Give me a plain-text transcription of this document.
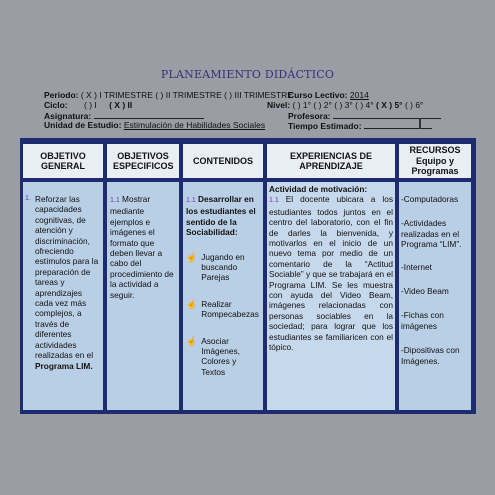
PLANEAMIENTO DIDÁCTICO
Periodo: ( X ) I TRIMESTRE ( ) II TRIMESTRE ( ) III TRIMESTRE
Ciclo: ( ) I ( X ) II
Asignatura:
Unidad de Estudio: Estimulación de Habilidades Sociales
Curso Lectivo: 2014
Nivel: ( ) 1° ( ) 2° ( ) 3° ( ) 4° ( X ) 5° ( ) 6°
Profesora:
Tiempo Estimado:
OBJETIVO GENERAL
OBJETIVOS ESPECIFICOS
CONTENIDOS
EXPERIENCIAS DE APRENDIZAJE
RECURSOS Equipo y Programas
1. Reforzar las capacidades cognitivas, de atención y discriminación, ofreciendo estímulos para la preparación de tareas y aprendizajes cada vez más complejos, a través de diferentes actividades realizadas en el Programa LIM.
1.1 Mostrar mediante ejemplos e imágenes el formato que deben llevar a cabo del procedimiento de la actividad a seguir.
1.1 Desarrollar en los estudiantes el sentido de la Sociabilidad:
☝ Jugando en buscando Parejas
☝ Realizar Rompecabezas
☝ Asociar Imágenes, Colores y Textos
Actividad de motivación:
1.1 El docente ubicara a los estudiantes todos juntos en el centro del laboratorio, con el fin de darles la bienvenida, y motivarlos en el inicio de un nuevo tema por medio de un comentario de la “Actitud Sociable” y que se trabajará en el Programa LIM. Se les muestra con ayuda del Video Beam, imágenes relacionadas con personas sociables en la sociedad; para lograr que los estudiantes se familiaricen con el tópico.
-Computadoras
-Actividades realizadas en el Programa “LIM”.
-Internet
-Video Beam
-Fichas con imágenes
-Dipositivas con Imágenes.
